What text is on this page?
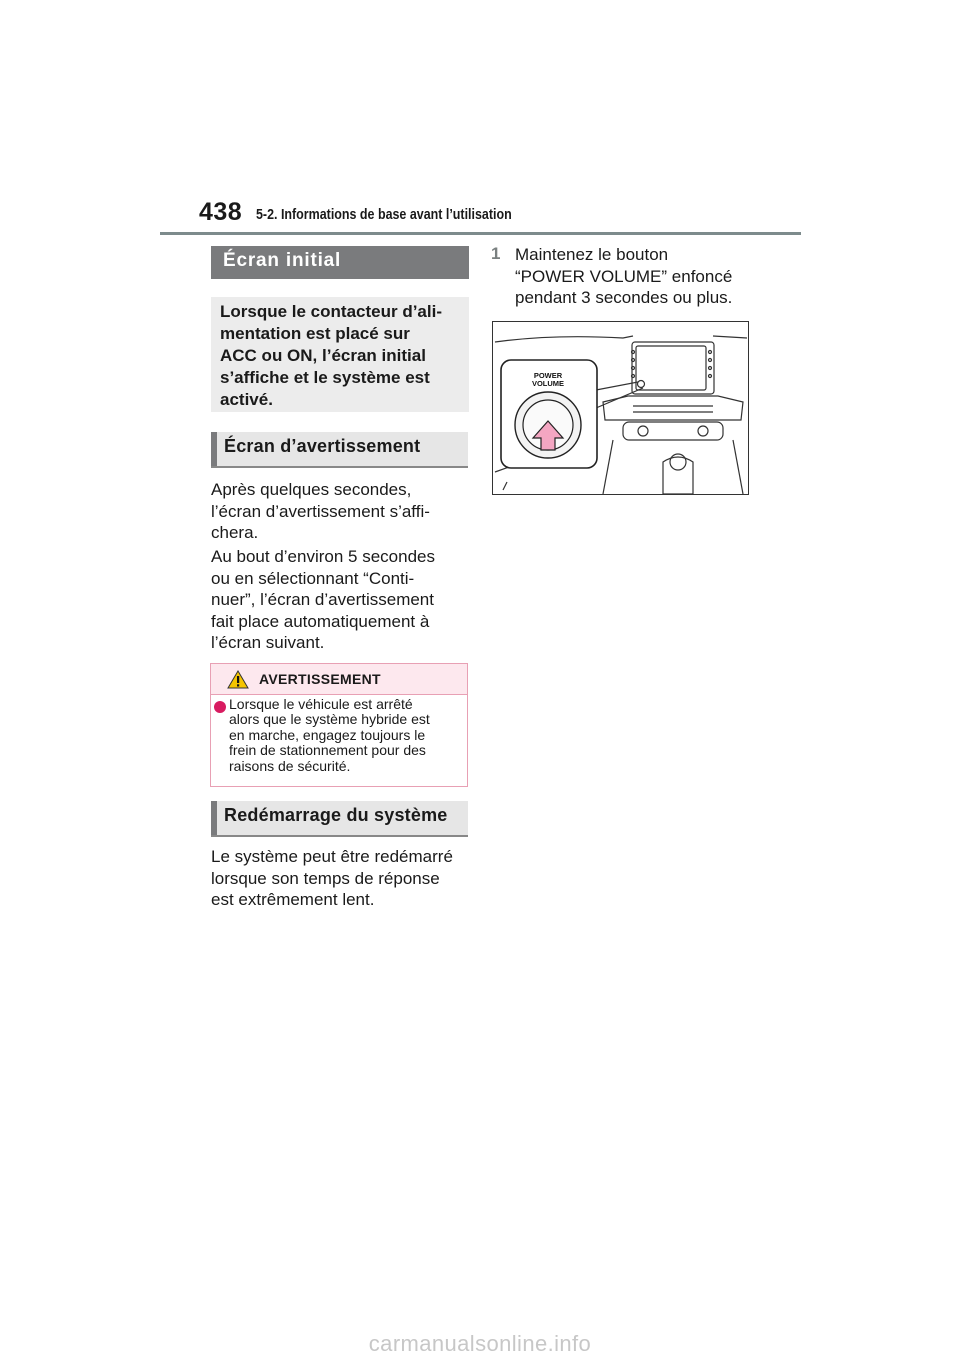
438 5-2. Informations de base avant l’utilisation
Écran initial
Lorsque le contacteur d’ali-
mentation est placé sur
ACC ou ON, l’écran initial
s’affiche et le système est
activé.
Écran d’avertissement
Après quelques secondes,
l’écran d’avertissement s’affi-
chera.
Au bout d’environ 5 secondes
ou en sélectionnant “Conti-
nuer”, l’écran d’avertissement
fait place automatiquement à
l’écran suivant.
AVERTISSEMENT
Lorsque le véhicule est arrêté
alors que le système hybride est
en marche, engagez toujours le
frein de stationnement pour des
raisons de sécurité.
Redémarrage du système
Le système peut être redémarré
lorsque son temps de réponse
est extrêmement lent.
1 Maintenez le bouton
“POWER VOLUME” enfoncé
pendant 3 secondes ou plus.
POWER
VOLUME
carmanualsonline.info
